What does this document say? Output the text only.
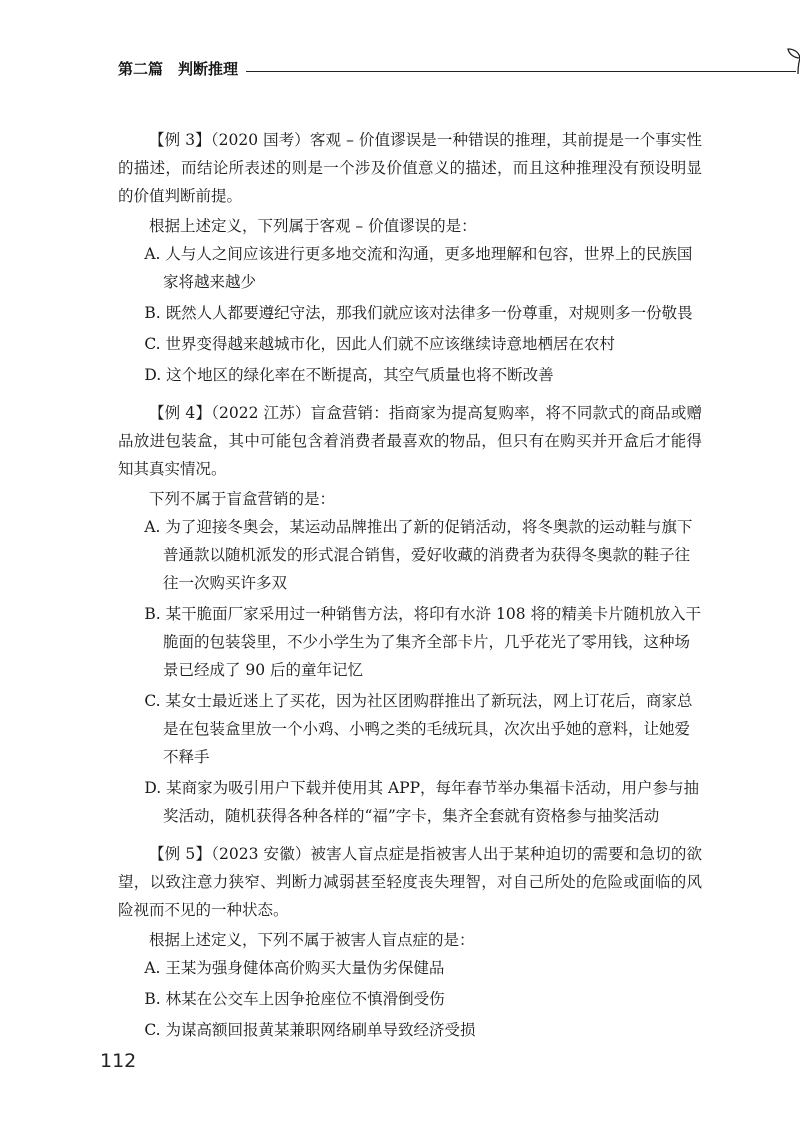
第二篇　判断推理

【例 3】（2020 国考）客观 – 价值谬误是一种错误的推理，其前提是一个事实性的描述，而结论所表述的则是一个涉及价值意义的描述，而且这种推理没有预设明显的价值判断前提。

根据上述定义，下列属于客观 – 价值谬误的是：

A. 人与人之间应该进行更多地交流和沟通，更多地理解和包容，世界上的民族国家将越来越少

B. 既然人人都要遵纪守法，那我们就应该对法律多一份尊重，对规则多一份敬畏

C. 世界变得越来越城市化，因此人们就不应该继续诗意地栖居在农村

D. 这个地区的绿化率在不断提高，其空气质量也将不断改善

【例 4】（2022 江苏）盲盒营销：指商家为提高复购率，将不同款式的商品或赠品放进包装盒，其中可能包含着消费者最喜欢的物品，但只有在购买并开盒后才能得知其真实情况。

下列不属于盲盒营销的是：

A. 为了迎接冬奥会，某运动品牌推出了新的促销活动，将冬奥款的运动鞋与旗下普通款以随机派发的形式混合销售，爱好收藏的消费者为获得冬奥款的鞋子往往一次购买许多双

B. 某干脆面厂家采用过一种销售方法，将印有水浒 108 将的精美卡片随机放入干脆面的包装袋里，不少小学生为了集齐全部卡片，几乎花光了零用钱，这种场景已经成了 90 后的童年记忆

C. 某女士最近迷上了买花，因为社区团购群推出了新玩法，网上订花后，商家总是在包装盒里放一个小鸡、小鸭之类的毛绒玩具，次次出乎她的意料，让她爱不释手

D. 某商家为吸引用户下载并使用其 APP，每年春节举办集福卡活动，用户参与抽奖活动，随机获得各种各样的“福”字卡，集齐全套就有资格参与抽奖活动

【例 5】（2023 安徽）被害人盲点症是指被害人出于某种迫切的需要和急切的欲望，以致注意力狭窄、判断力减弱甚至轻度丧失理智，对自己所处的危险或面临的风险视而不见的一种状态。

根据上述定义，下列不属于被害人盲点症的是：

A. 王某为强身健体高价购买大量伪劣保健品

B. 林某在公交车上因争抢座位不慎滑倒受伤

C. 为谋高额回报黄某兼职网络刷单导致经济受损

112
